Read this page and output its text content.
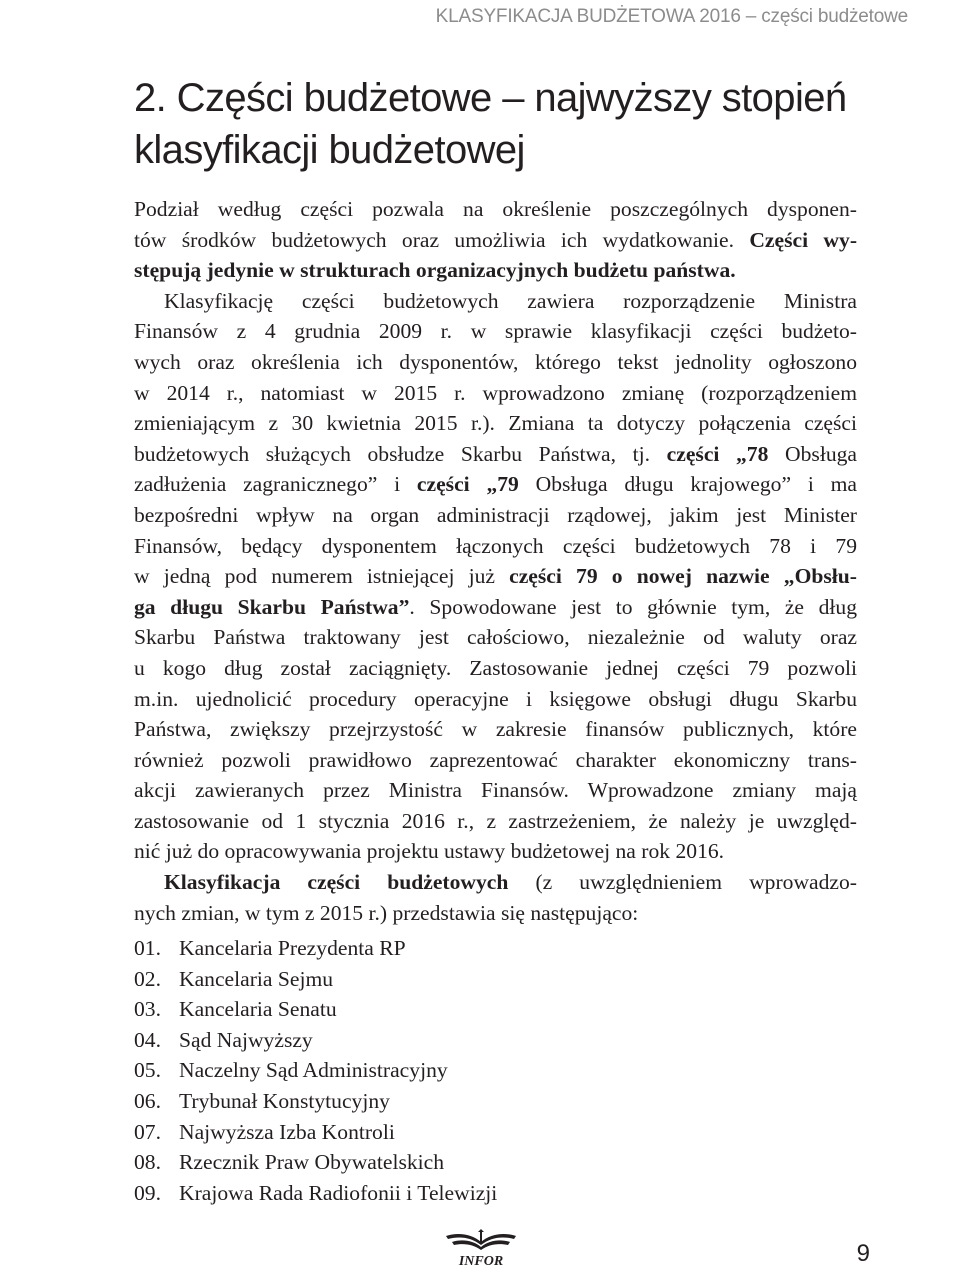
KLASYFIKACJA BUDŻETOWA 2016 – części budżetowe
2. Części budżetowe – najwyższy stopień
klasyfikacji budżetowej
Podział według części pozwala na określenie poszczególnych dysponen-
tów środków budżetowych oraz umożliwia ich wydatkowanie. Części wy-
stępują jedynie w strukturach organizacyjnych budżetu państwa.
Klasyfikację części budżetowych zawiera rozporządzenie Ministra
Finansów z 4 grudnia 2009 r. w sprawie klasyfikacji części budżeto-
wych oraz określenia ich dysponentów, którego tekst jednolity ogłoszono
w 2014 r., natomiast w 2015 r. wprowadzono zmianę (rozporządzeniem
zmieniającym z 30 kwietnia 2015 r.). Zmiana ta dotyczy połączenia części
budżetowych służących obsłudze Skarbu Państwa, tj. części „78 Obsługa
zadłużenia zagranicznego” i części „79 Obsługa długu krajowego” i ma
bezpośredni wpływ na organ administracji rządowej, jakim jest Minister
Finansów, będący dysponentem łączonych części budżetowych 78 i 79
w jedną pod numerem istniejącej już części 79 o nowej nazwie „Obsłu-
ga długu Skarbu Państwa”. Spowodowane jest to głównie tym, że dług
Skarbu Państwa traktowany jest całościowo, niezależnie od waluty oraz
u kogo dług został zaciągnięty. Zastosowanie jednej części 79 pozwoli
m.in. ujednolicić procedury operacyjne i księgowe obsługi długu Skarbu
Państwa, zwiększy przejrzystość w zakresie finansów publicznych, które
również pozwoli prawidłowo zaprezentować charakter ekonomiczny trans-
akcji zawieranych przez Ministra Finansów. Wprowadzone zmiany mają
zastosowanie od 1 stycznia 2016 r., z zastrzeżeniem, że należy je uwzględ-
nić już do opracowywania projektu ustawy budżetowej na rok 2016.
Klasyfikacja części budżetowych (z uwzględnieniem wprowadzo-
nych zmian, w tym z 2015 r.) przedstawia się następująco:
01. Kancelaria Prezydenta RP
02. Kancelaria Sejmu
03. Kancelaria Senatu
04. Sąd Najwyższy
05. Naczelny Sąd Administracyjny
06. Trybunał Konstytucyjny
07. Najwyższa Izba Kontroli
08. Rzecznik Praw Obywatelskich
09. Krajowa Rada Radiofonii i Telewizji
INFOR	9
